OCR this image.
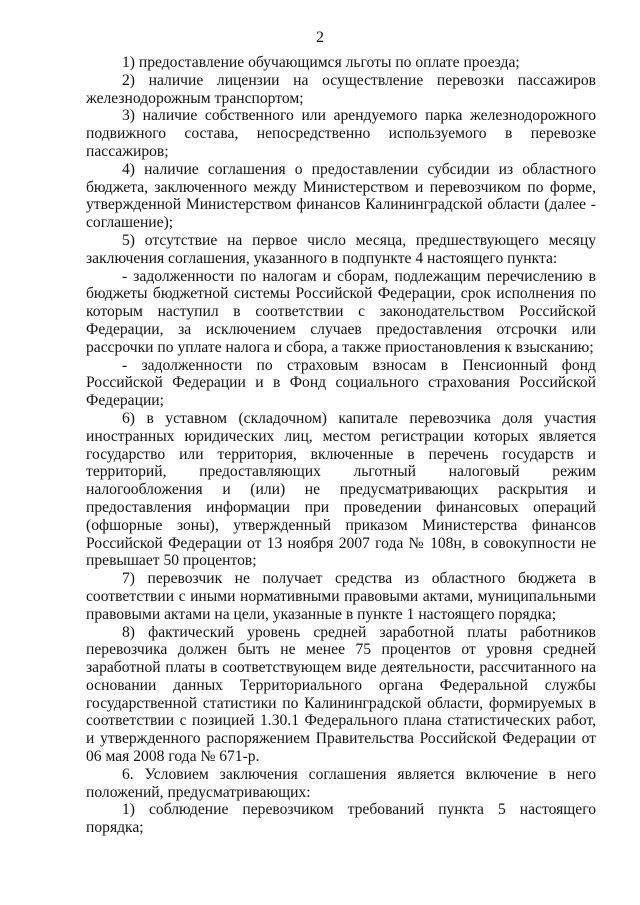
2

1) предоставление обучающимся льготы по оплате проезда;

2) наличие лицензии на осуществление перевозки пассажиров железнодорожным транспортом;

3) наличие собственного или арендуемого парка железнодорожного подвижного состава, непосредственно используемого в перевозке пассажиров;

4) наличие соглашения о предоставлении субсидии из областного бюджета, заключенного между Министерством и перевозчиком по форме, утвержденной Министерством финансов Калининградской области (далее - соглашение);

5) отсутствие на первое число месяца, предшествующего месяцу заключения соглашения, указанного в подпункте 4 настоящего пункта:

- задолженности по налогам и сборам, подлежащим перечислению в бюджеты бюджетной системы Российской Федерации, срок исполнения по которым наступил в соответствии с законодательством Российской Федерации, за исключением случаев предоставления отсрочки или рассрочки по уплате налога и сбора, а также приостановления к взысканию;

- задолженности по страховым взносам в Пенсионный фонд Российской Федерации и в Фонд социального страхования Российской Федерации;

6) в уставном (складочном) капитале перевозчика доля участия иностранных юридических лиц, местом регистрации которых является государство или территория, включенные в перечень государств и территорий, предоставляющих льготный налоговый режим налогообложения и (или) не предусматривающих раскрытия и предоставления информации при проведении финансовых операций (офшорные зоны), утвержденный приказом Министерства финансов Российской Федерации от 13 ноября 2007 года № 108н, в совокупности не превышает 50 процентов;

7) перевозчик не получает средства из областного бюджета в соответствии с иными нормативными правовыми актами, муниципальными правовыми актами на цели, указанные в пункте 1 настоящего порядка;

8) фактический уровень средней заработной платы работников перевозчика должен быть не менее 75 процентов от уровня средней заработной платы в соответствующем виде деятельности, рассчитанного на основании данных Территориального органа Федеральной службы государственной статистики по Калининградской области, формируемых в соответствии с позицией 1.30.1 Федерального плана статистических работ, и утвержденного распоряжением Правительства Российской Федерации от 06 мая 2008 года № 671-р.

6. Условием заключения соглашения является включение в него положений, предусматривающих:

1) соблюдение перевозчиком требований пункта 5 настоящего порядка;
